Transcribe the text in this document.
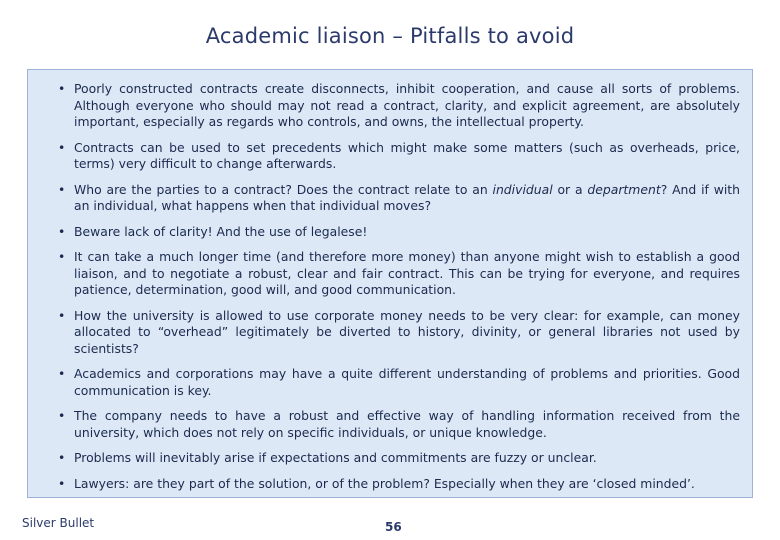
Academic liaison – Pitfalls to avoid
• Poorly constructed contracts create disconnects, inhibit cooperation, and cause all sorts of problems. Although everyone who should may not read a contract, clarity, and explicit agreement, are absolutely important, especially as regards who controls, and owns, the intellectual property.
• Contracts can be used to set precedents which might make some matters (such as overheads, price, terms) very difficult to change afterwards.
• Who are the parties to a contract? Does the contract relate to an individual or a department? And if with an individual, what happens when that individual moves?
• Beware lack of clarity! And the use of legalese!
• It can take a much longer time (and therefore more money) than anyone might wish to establish a good liaison, and to negotiate a robust, clear and fair contract. This can be trying for everyone, and requires patience, determination, good will, and good communication.
• How the university is allowed to use corporate money needs to be very clear: for example, can money allocated to “overhead” legitimately be diverted to history, divinity, or general libraries not used by scientists?
• Academics and corporations may have a quite different understanding of problems and priorities. Good communication is key.
• The company needs to have a robust and effective way of handling information received from the university, which does not rely on specific individuals, or unique knowledge.
• Problems will inevitably arise if expectations and commitments are fuzzy or unclear.
• Lawyers: are they part of the solution, or of the problem? Especially when they are ‘closed minded’.
Silver Bullet	56
